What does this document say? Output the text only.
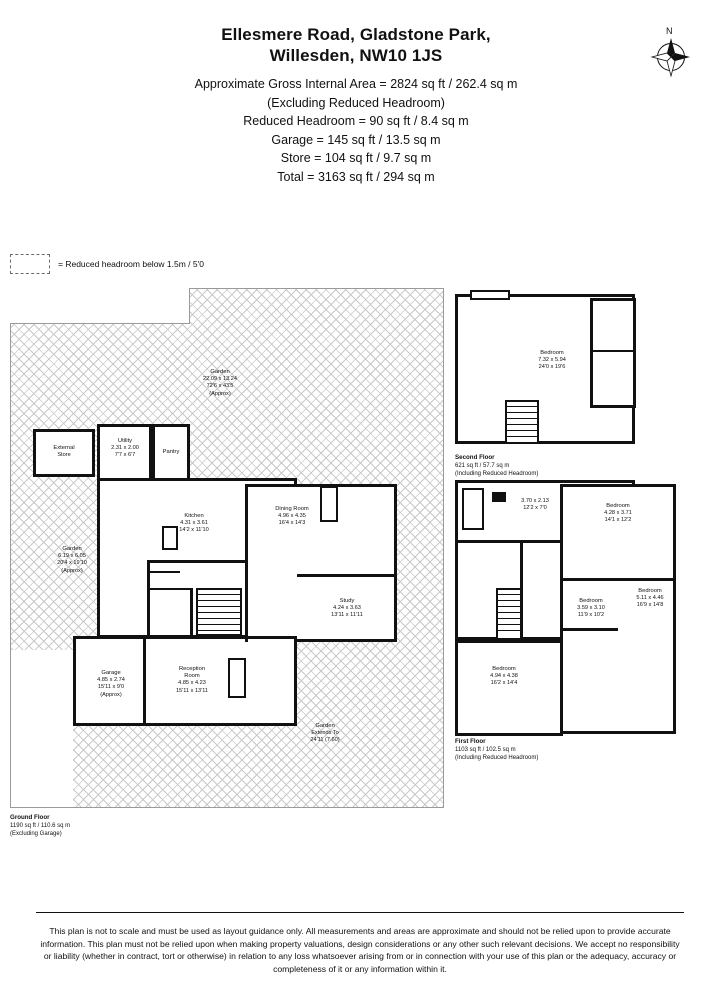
Ellesmere Road, Gladstone Park,
Willesden, NW10 1JS
Approximate Gross Internal Area = 2824 sq ft / 262.4 sq m
(Excluding Reduced Headroom)
Reduced Headroom = 90 sq ft / 8.4 sq m
Garage = 145 sq ft / 13.5 sq m
Store = 104 sq ft / 9.7 sq m
Total = 3163 sq ft / 294 sq m
N
= Reduced headroom below 1.5m / 5'0
Garden
22.09 x 13.24
72'6 x 43'5
(Approx)
Garden
6.19 x 6.05
20'4 x 19'10
(Approx)
Garden
Extends To
24'11 (7.60)
External
Store
Utility
2.31 x 2.00
7'7 x 6'7
Pantry
Kitchen
4.31 x 3.61
14'2 x 11'10
Dining Room
4.96 x 4.35
16'4 x 14'3
Study
4.24 x 3.63
13'11 x 11'11
Garage
4.85 x 2.74
15'11 x 9'0
(Approx)
Reception
Room
4.85 x 4.23
15'11 x 13'11
Ground Floor
1190 sq ft / 110.6 sq m
(Excluding Garage)
Bedroom
7.32 x 5.94
24'0 x 19'6
Second Floor
621 sq ft / 57.7 sq m
(Including Reduced Headroom)
3.70 x 2.13
12'2 x 7'0	Bedroom
4.28 x 3.71
14'1 x 12'2
Bedroom
5.11 x 4.46
16'9 x 14'8
Bedroom
3.59 x 3.10
11'9 x 10'2
Bedroom
4.94 x 4.38
16'2 x 14'4
First Floor
1103 sq ft / 102.5 sq m
(Including Reduced Headroom)
This plan is not to scale and must be used as layout guidance only. All measurements and areas are approximate and should not be relied upon to provide accurate information. This plan must not be relied upon when making property valuations, design considerations or any other such relevant decisions. We accept no responsibility or liability (whether in contract, tort or otherwise) in relation to any loss whatsoever arising from or in connection with your use of this plan or the adequacy, accuracy or completeness of it or any information within it.
